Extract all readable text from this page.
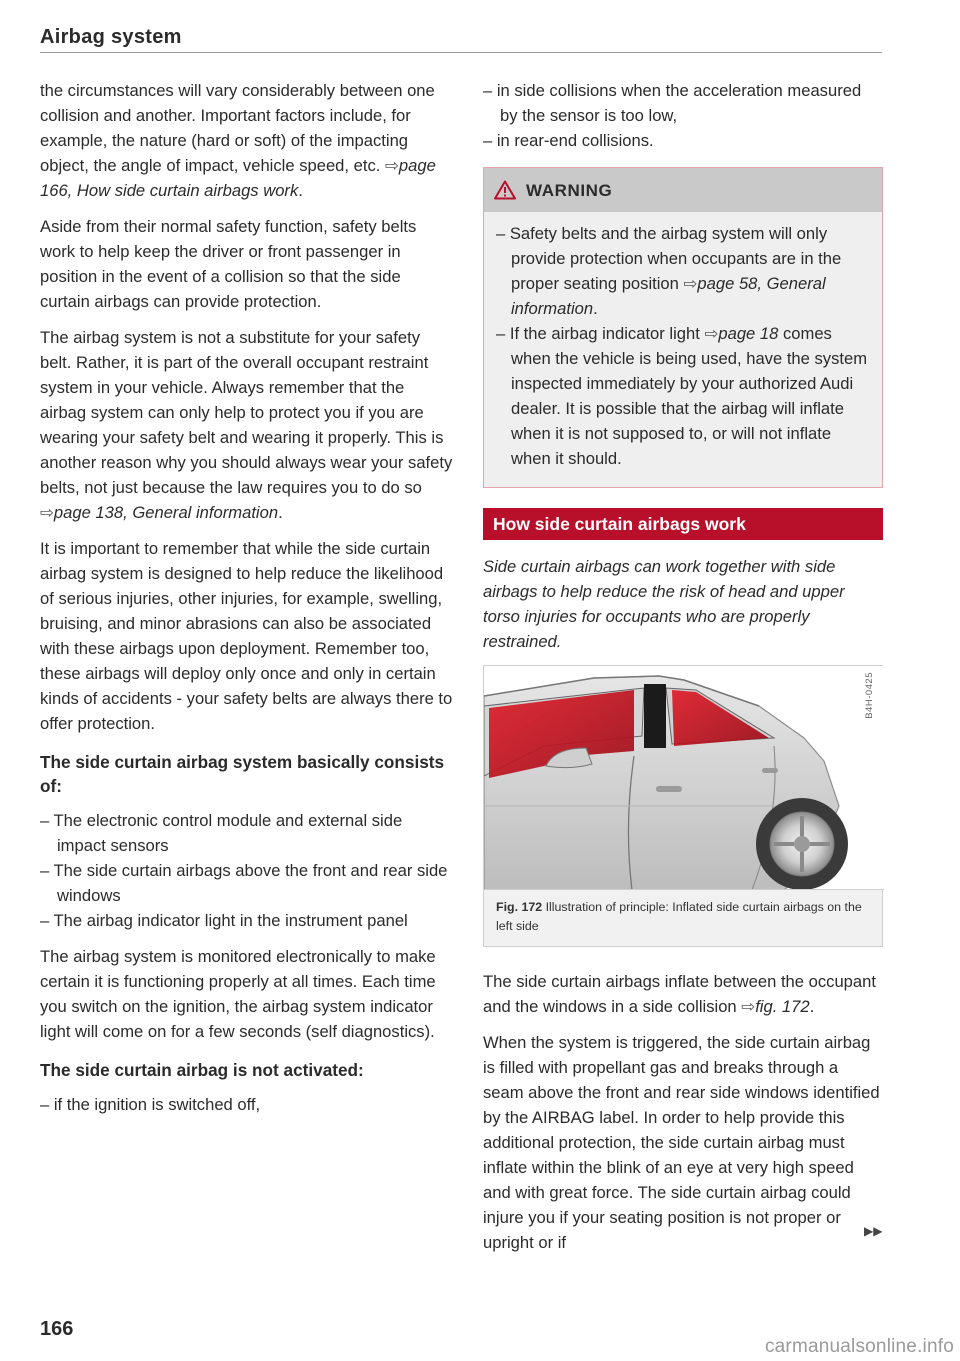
Airbag system

the circumstances will vary considerably between one collision and another. Important factors include, for example, the nature (hard or soft) of the impacting object, the angle of impact, vehicle speed, etc. ⇨page 166, How side curtain airbags work.

Aside from their normal safety function, safety belts work to help keep the driver or front passenger in position in the event of a collision so that the side curtain airbags can provide protection.

The airbag system is not a substitute for your safety belt. Rather, it is part of the overall occupant restraint system in your vehicle. Always remember that the airbag system can only help to protect you if you are wearing your safety belt and wearing it properly. This is another reason why you should always wear your safety belts, not just because the law requires you to do so ⇨page 138, General information.

It is important to remember that while the side curtain airbag system is designed to help reduce the likelihood of serious injuries, other injuries, for example, swelling, bruising, and minor abrasions can also be associated with these airbags upon deployment. Remember too, these airbags will deploy only once and only in certain kinds of accidents - your safety belts are always there to offer protection.

The side curtain airbag system basically consists of:
– The electronic control module and external side impact sensors
– The side curtain airbags above the front and rear side windows
– The airbag indicator light in the instrument panel

The airbag system is monitored electronically to make certain it is functioning properly at all times. Each time you switch on the ignition, the airbag system indicator light will come on for a few seconds (self diagnostics).

The side curtain airbag is not activated:
– if the ignition is switched off,
– in side collisions when the acceleration measured by the sensor is too low,
– in rear-end collisions.
WARNING
– Safety belts and the airbag system will only provide protection when occupants are in the proper seating position ⇨page 58, General information.
– If the airbag indicator light ⇨page 18 comes when the vehicle is being used, have the system inspected immediately by your authorized Audi dealer. It is possible that the airbag will inflate when it is not supposed to, or will not inflate when it should.
How side curtain airbags work

Side curtain airbags can work together with side airbags to help reduce the risk of head and upper torso injuries for occupants who are properly restrained.

B4H-0425
Fig. 172 Illustration of principle: Inflated side curtain airbags on the left side

The side curtain airbags inflate between the occupant and the windows in a side collision ⇨fig. 172.

When the system is triggered, the side curtain airbag is filled with propellant gas and breaks through a seam above the front and rear side windows identified by the AIRBAG label. In order to help provide this additional protection, the side curtain airbag must inflate within the blink of an eye at very high speed and with great force. The side curtain airbag could injure you if your seating position is not proper or upright or if

▶▶
166
carmanualsonline.info
